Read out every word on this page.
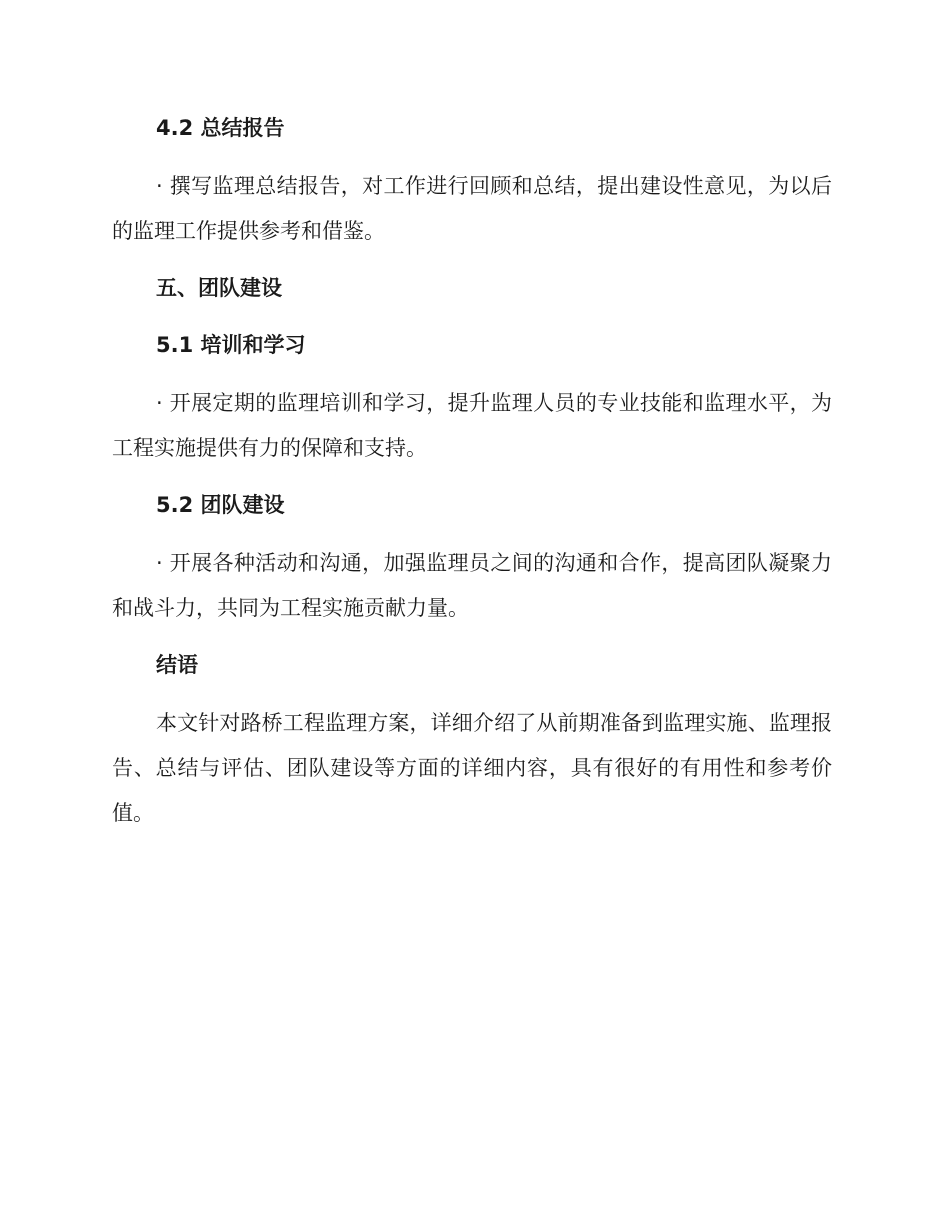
4.2 总结报告

· 撰写监理总结报告，对工作进行回顾和总结，提出建设性意见，为以后的监理工作提供参考和借鉴。

五、团队建设

5.1 培训和学习

· 开展定期的监理培训和学习，提升监理人员的专业技能和监理水平，为工程实施提供有力的保障和支持。

5.2 团队建设

· 开展各种活动和沟通，加强监理员之间的沟通和合作，提高团队凝聚力和战斗力，共同为工程实施贡献力量。

结语

本文针对路桥工程监理方案，详细介绍了从前期准备到监理实施、监理报告、总结与评估、团队建设等方面的详细内容，具有很好的有用性和参考价值。
